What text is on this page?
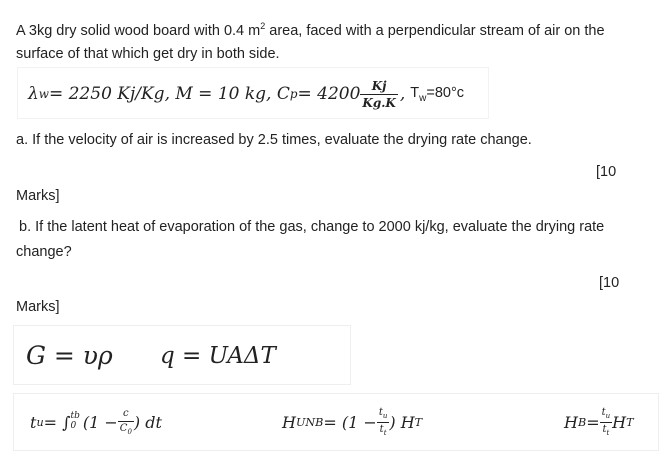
A 3kg dry solid wood board with 0.4 $m^2$ area, faced with a perpendicular stream of air on the
surface of that which get dry in both side.
λ w = 2250 Kj/Kg, M = 10 kg, C $p = 4200 \frac{Kj}{Kg.K}$ , $T_w=80^\circ c$
a. If the velocity of air is increased by 2.5 times, evaluate the drying rate change.
[10
Marks]
b. If the latent heat of evaporation of the gas, change to 2000 kj/kg, evaluate the drying rate
change?
[10
Marks]
G = υρ q = UAΔT
t u = ∫ tb
0 ($1 - \frac{c}{C_0}$ ) dt	H UNB = ($1 - \frac{t_u}{t_t}$ ) H T	H $B = \frac{t_u}{t_t}$ H T
